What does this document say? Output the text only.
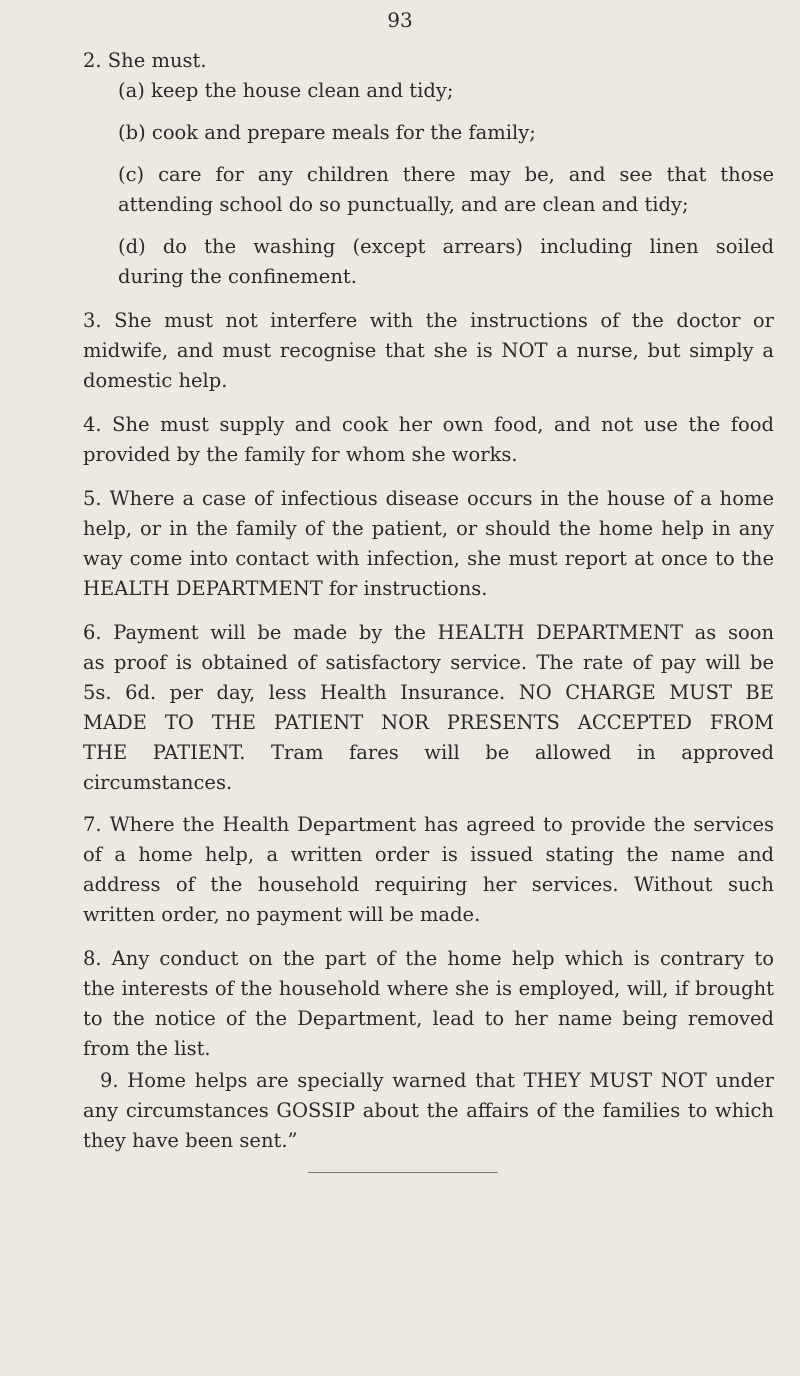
93
2. She must.
(a) keep the house clean and tidy;
(b) cook and prepare meals for the family;
(c) care for any children there may be, and see that those
attending school do so punctually, and are clean and tidy;
(d) do the washing (except arrears) including linen soiled
during the confinement.
3. She must not interfere with the instructions of the doctor or
midwife, and must recognise that she is NOT a nurse, but simply a
domestic help.
4. She must supply and cook her own food, and not use the food
provided by the family for whom she works.
5. Where a case of infectious disease occurs in the house of a home
help, or in the family of the patient, or should the home help in any
way come into contact with infection, she must report at once to the
HEALTH DEPARTMENT for instructions.
6. Payment will be made by the HEALTH DEPARTMENT as soon
as proof is obtained of satisfactory service. The rate of pay will be
5s. 6d. per day, less Health Insurance. NO CHARGE MUST BE
MADE TO THE PATIENT NOR PRESENTS ACCEPTED FROM
THE PATIENT. Tram fares will be allowed in approved
circumstances.
7. Where the Health Department has agreed to provide the services
of a home help, a written order is issued stating the name and
address of the household requiring her services. Without such
written order, no payment will be made.
8. Any conduct on the part of the home help which is contrary to
the interests of the household where she is employed, will, if brought
to the notice of the Department, lead to her name being removed
from the list.
9. Home helps are specially warned that THEY MUST NOT under
any circumstances GOSSIP about the affairs of the families to which
they have been sent.”
